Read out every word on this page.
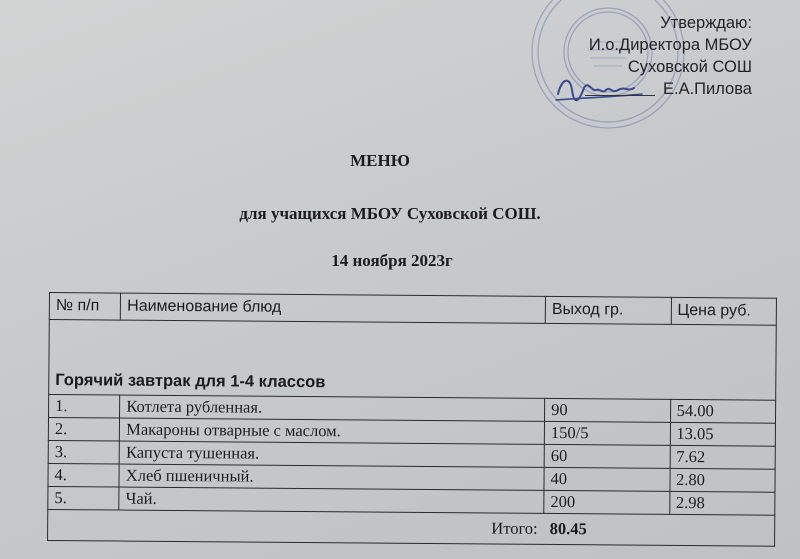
Утверждаю:
И.о.Директора МБОУ
Суховской СОШ
Е.А.Пилова
МЕНЮ
для учащихся МБОУ Суховской СОШ.
14 ноября 2023г
№ п/п	Наименование блюд	Выход гр.	Цена руб.
Горячий завтрак для 1-4 классов			
1.	Котлета рубленная.	90	54.00
2.	Макароны отварные с маслом.	150/5	13.05
3.	Капуста тушенная.	60	7.62
4.	Хлеб пшеничный.	40	2.80
5.	Чай.	200	2.98
Итого:		80.45	
